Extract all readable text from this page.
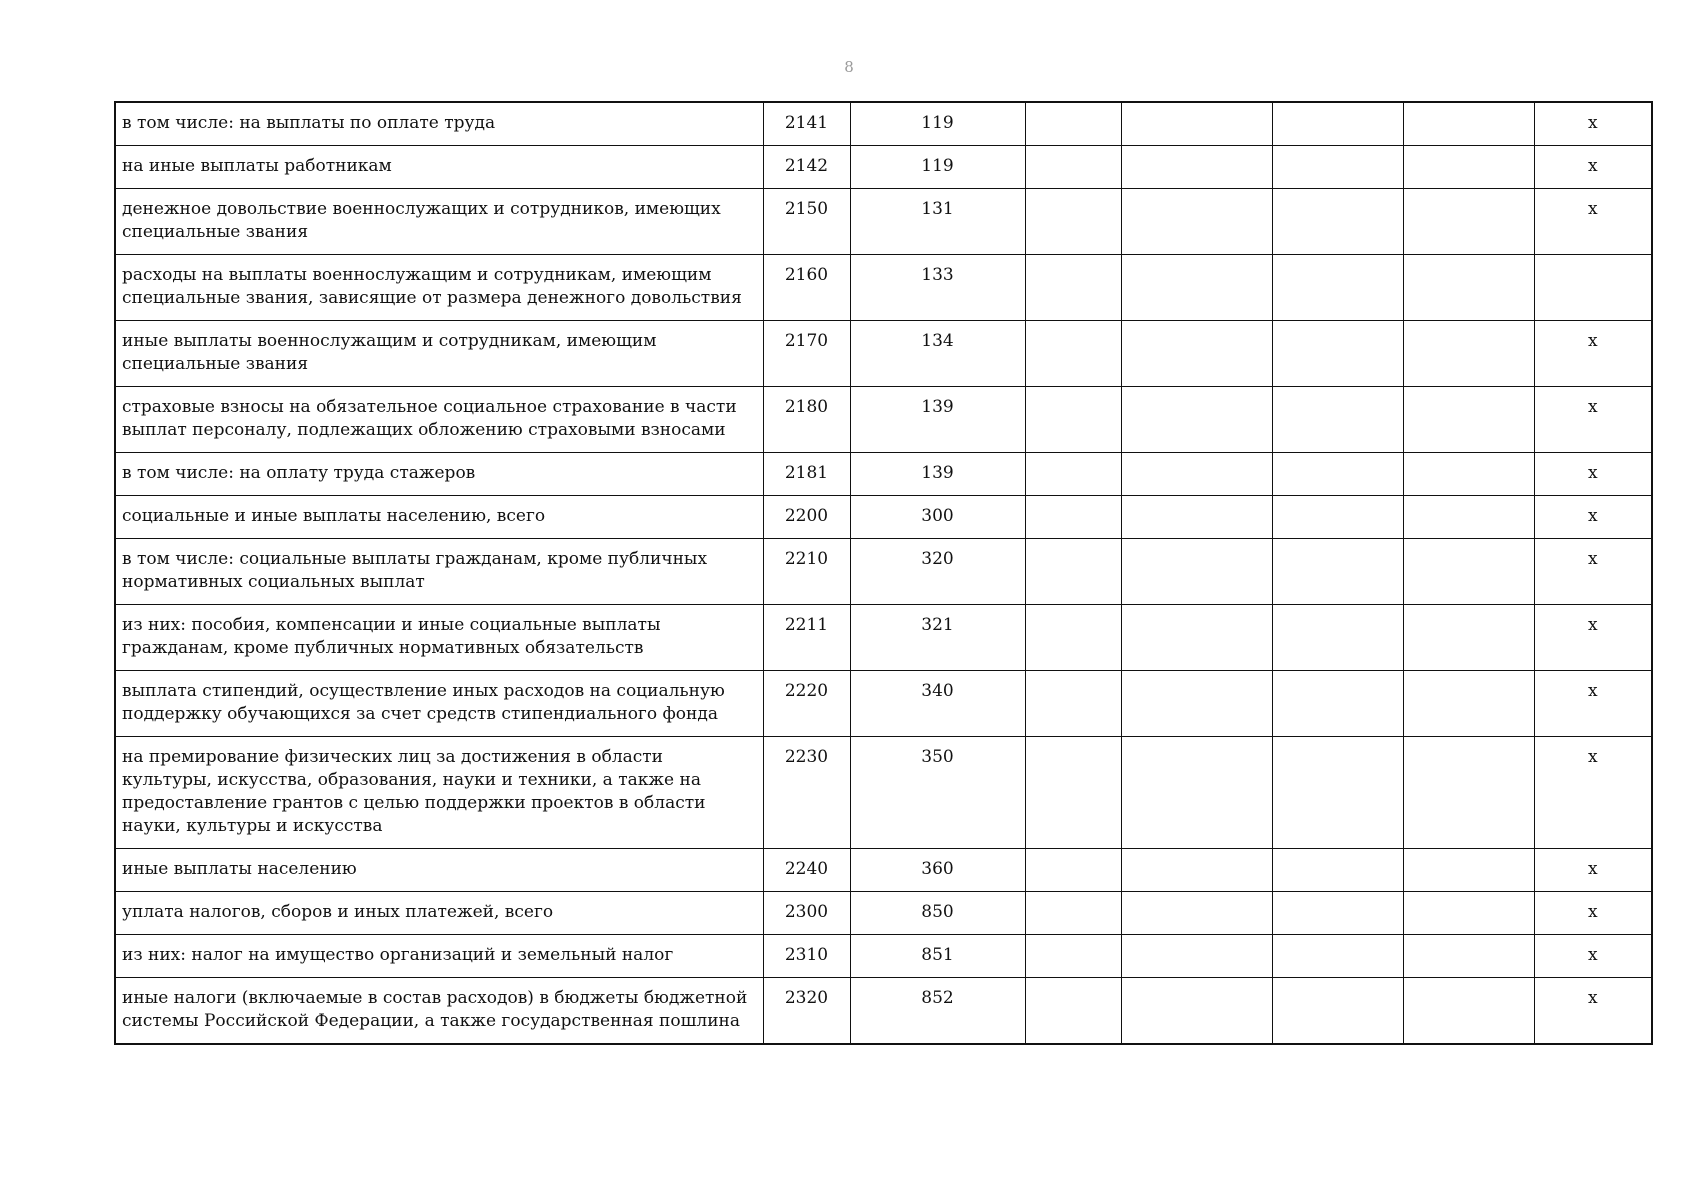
8
в том числе: на выплаты по оплате труда	2141	119					х
на иные выплаты работникам	2142	119					х
денежное довольствие военнослужащих и сотрудников, имеющих специальные звания	2150	131					х
расходы на выплаты военнослужащим и сотрудникам, имеющим специальные звания, зависящие от размера денежного довольствия	2160	133					
иные выплаты военнослужащим и сотрудникам, имеющим специальные звания	2170	134					х
страховые взносы на обязательное социальное страхование в части выплат персоналу, подлежащих обложению страховыми взносами	2180	139					х
в том числе: на оплату труда стажеров	2181	139					х
социальные и иные выплаты населению, всего	2200	300					х
в том числе: социальные выплаты гражданам, кроме публичных нормативных социальных выплат	2210	320					х
из них: пособия, компенсации и иные социальные выплаты гражданам, кроме публичных нормативных обязательств	2211	321					х
выплата стипендий, осуществление иных расходов на социальную поддержку обучающихся за счет средств стипендиального фонда	2220	340					х
на премирование физических лиц за достижения в области культуры, искусства, образования, науки и техники, а также на предоставление грантов с целью поддержки проектов в области науки, культуры и искусства	2230	350					х
иные выплаты населению	2240	360					х
уплата налогов, сборов и иных платежей, всего	2300	850					х
из них: налог на имущество организаций и земельный налог	2310	851					х
иные налоги (включаемые в состав расходов) в бюджеты бюджетной системы Российской Федерации, а также государственная пошлина	2320	852					х
